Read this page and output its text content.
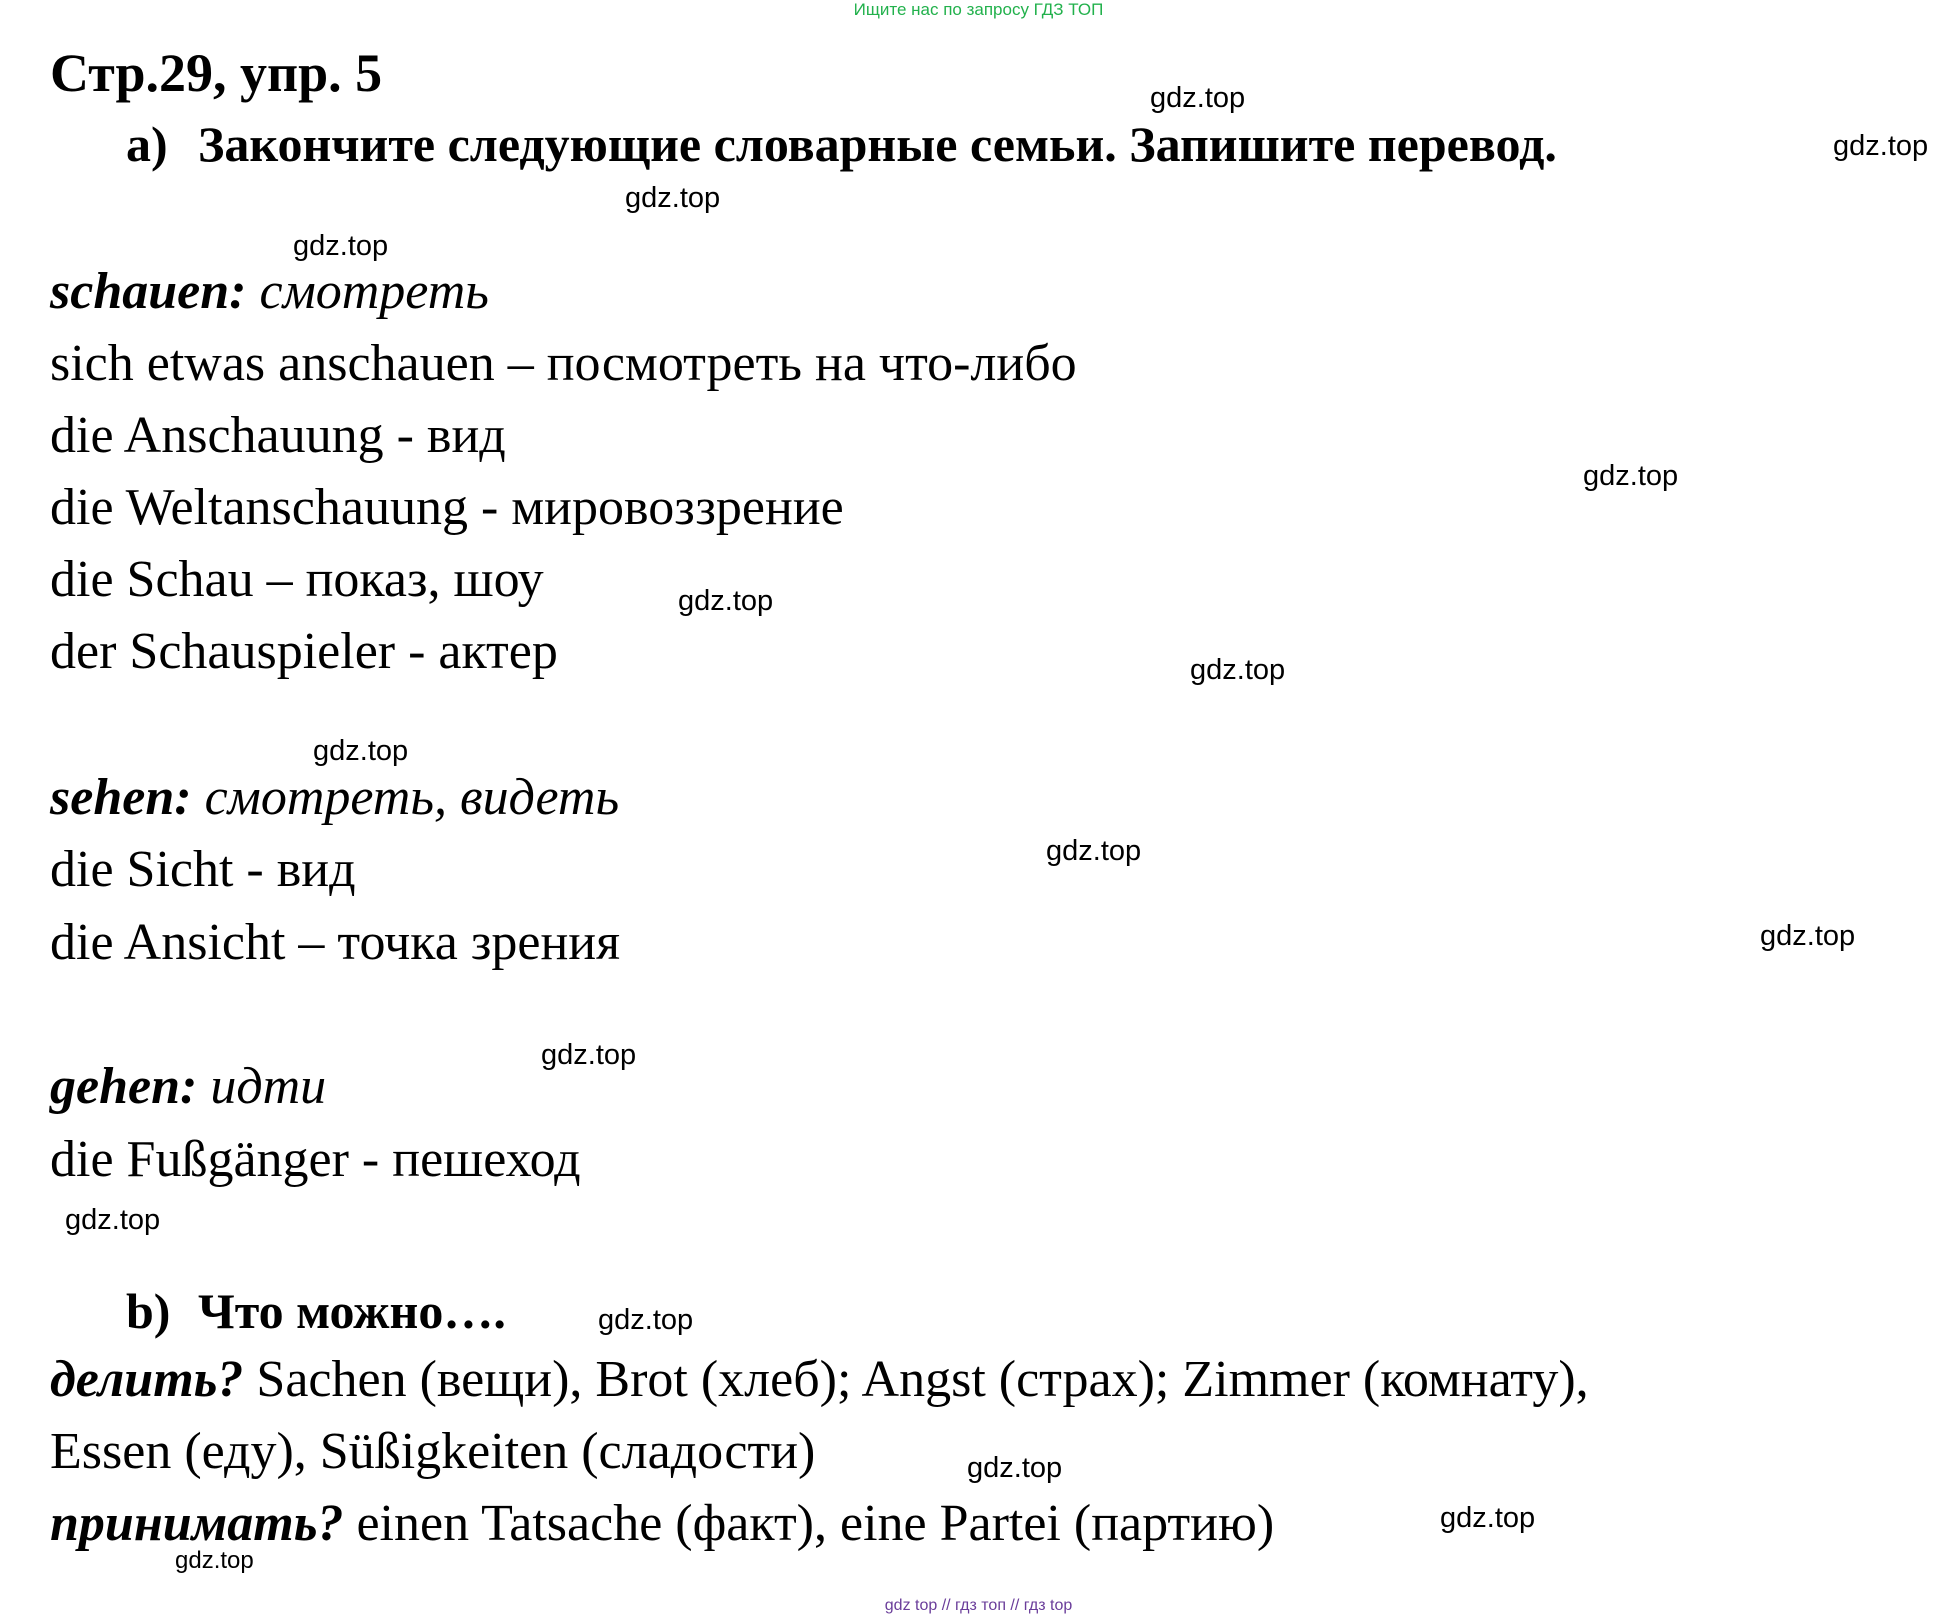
Ищите нас по запросу ГДЗ ТОП
Стр.29, упр. 5
a) Закончите следующие словарные семьи. Запишите перевод.
schauen: смотреть
sich etwas anschauen – посмотреть на что-либо
die Anschauung - вид
die Weltanschauung - мировоззрение
die Schau – показ, шоу
der Schauspieler - актер
sehen: смотреть, видеть
die Sicht - вид
die Ansicht – точка зрения
gehen: идти
die Fußgänger - пешеход
b) Что можно….
делить? Sachen (вещи), Brot (хлеб); Angst (страх); Zimmer (комнату),
Essen (еду), Süßigkeiten (сладости)
принимать? einen Tatsache (факт), eine Partei (партию)
gdz.top
gdz.top
gdz.top
gdz.top
gdz.top
gdz.top
gdz.top
gdz.top
gdz.top
gdz.top
gdz.top
gdz.top
gdz.top
gdz.top
gdz.top
gdz.top
gdz top // гдз топ // гдз top
